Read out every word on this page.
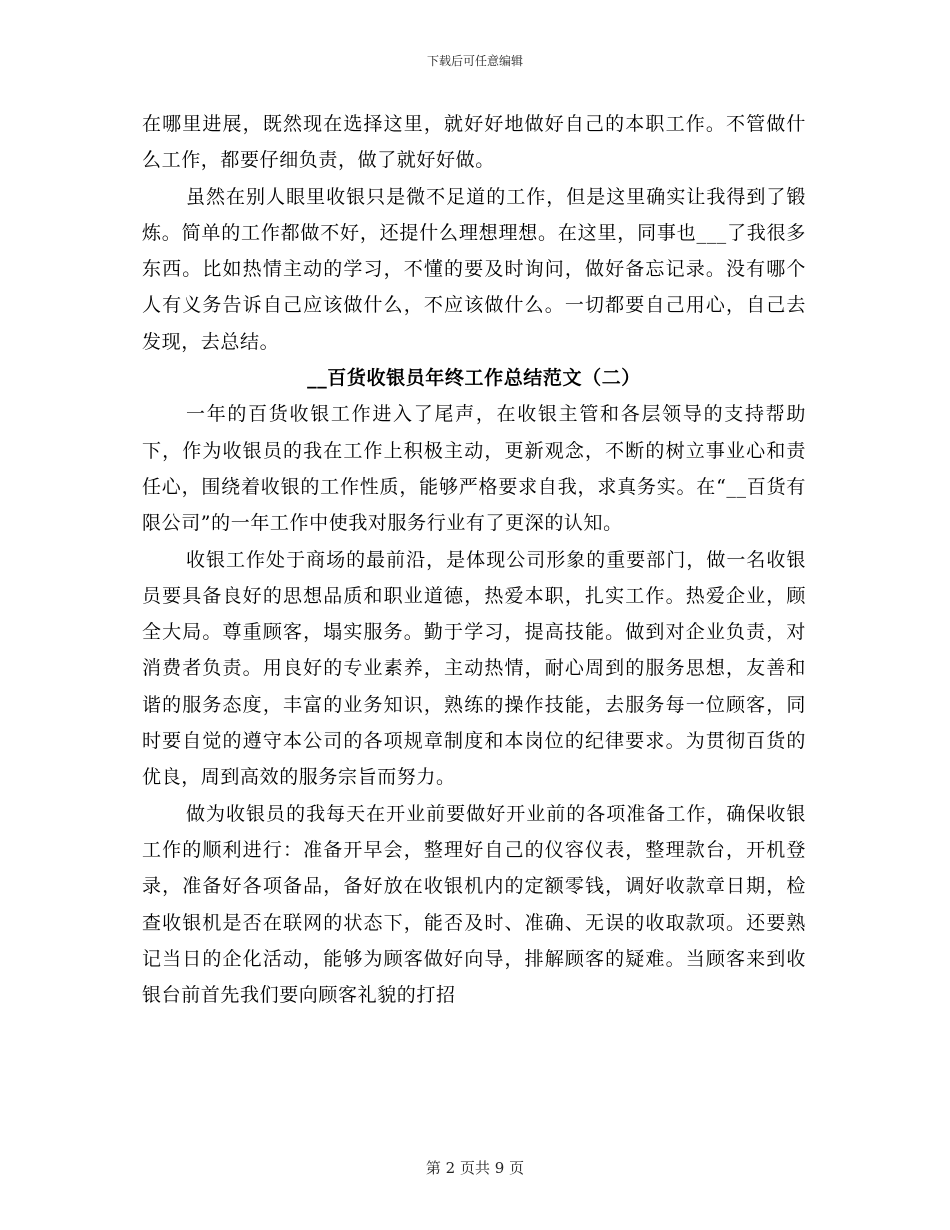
下载后可任意编辑

在哪里进展，既然现在选择这里，就好好地做好自己的本职工作。不管做什么工作，都要仔细负责，做了就好好做。

虽然在别人眼里收银只是微不足道的工作，但是这里确实让我得到了锻炼。简单的工作都做不好，还提什么理想理想。在这里，同事也___了我很多东西。比如热情主动的学习，不懂的要及时询问，做好备忘记录。没有哪个人有义务告诉自己应该做什么，不应该做什么。一切都要自己用心，自己去发现，去总结。

__百货收银员年终工作总结范文（二）

一年的百货收银工作进入了尾声，在收银主管和各层领导的支持帮助下，作为收银员的我在工作上积极主动，更新观念，不断的树立事业心和责任心，围绕着收银的工作性质，能够严格要求自我，求真务实。在“__百货有限公司”的一年工作中使我对服务行业有了更深的认知。

收银工作处于商场的最前沿，是体现公司形象的重要部门，做一名收银员要具备良好的思想品质和职业道德，热爱本职，扎实工作。热爱企业，顾全大局。尊重顾客，塌实服务。勤于学习，提高技能。做到对企业负责，对消费者负责。用良好的专业素养，主动热情，耐心周到的服务思想，友善和谐的服务态度，丰富的业务知识，熟练的操作技能，去服务每一位顾客，同时要自觉的遵守本公司的各项规章制度和本岗位的纪律要求。为贯彻百货的优良，周到高效的服务宗旨而努力。

做为收银员的我每天在开业前要做好开业前的各项准备工作，确保收银工作的顺利进行：准备开早会，整理好自己的仪容仪表，整理款台，开机登录，准备好各项备品，备好放在收银机内的定额零钱，调好收款章日期，检查收银机是否在联网的状态下，能否及时、准确、无误的收取款项。还要熟记当日的企化活动，能够为顾客做好向导，排解顾客的疑难。当顾客来到收银台前首先我们要向顾客礼貌的打招

第 2 页共 9 页
